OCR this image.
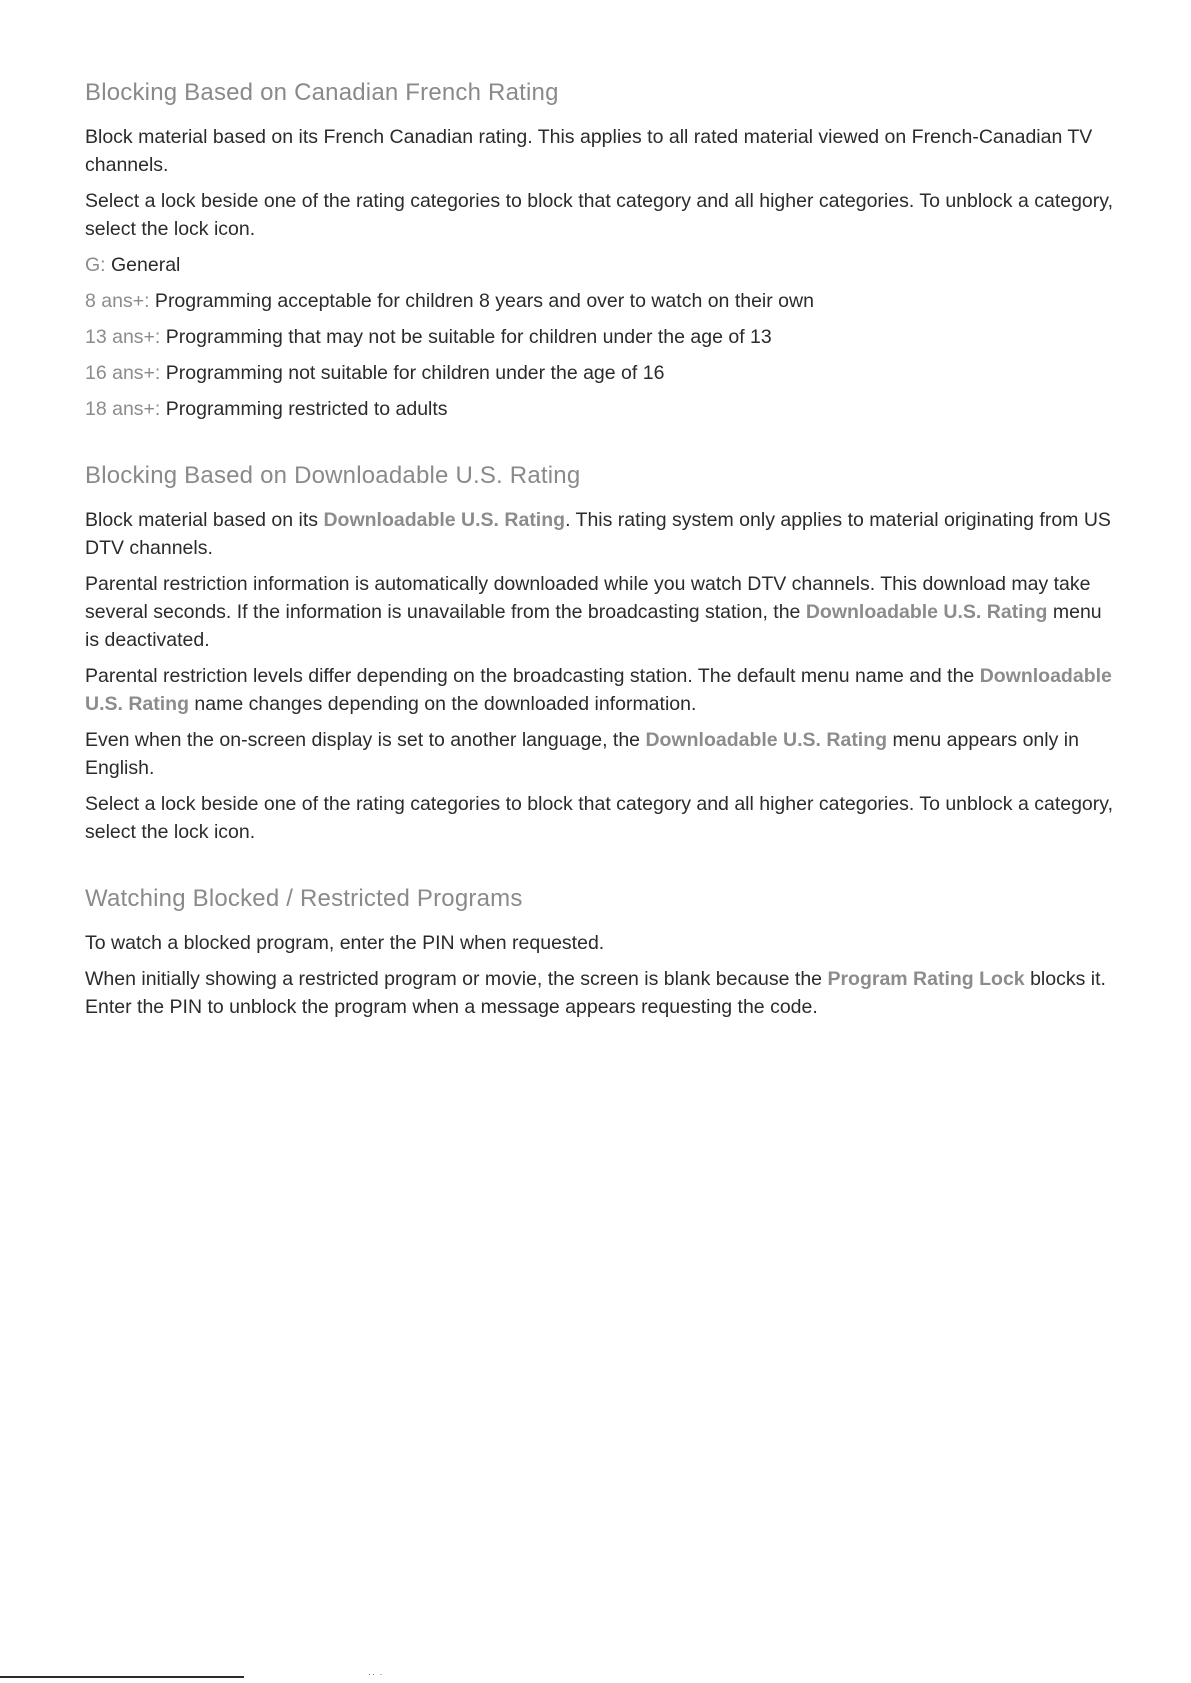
Blocking Based on Canadian French Rating

Block material based on its French Canadian rating. This applies to all rated material viewed on French-Canadian TV channels.

Select a lock beside one of the rating categories to block that category and all higher categories. To unblock a category, select the lock icon.

G: General

8 ans+: Programming acceptable for children 8 years and over to watch on their own

13 ans+: Programming that may not be suitable for children under the age of 13

16 ans+: Programming not suitable for children under the age of 16

18 ans+: Programming restricted to adults

Blocking Based on Downloadable U.S. Rating

Block material based on its Downloadable U.S. Rating. This rating system only applies to material originating from US DTV channels.

Parental restriction information is automatically downloaded while you watch DTV channels. This download may take several seconds. If the information is unavailable from the broadcasting station, the Downloadable U.S. Rating menu is deactivated.

Parental restriction levels differ depending on the broadcasting station. The default menu name and the Downloadable U.S. Rating name changes depending on the downloaded information.

Even when the on-screen display is set to another language, the Downloadable U.S. Rating menu appears only in English.

Select a lock beside one of the rating categories to block that category and all higher categories. To unblock a category, select the lock icon.

Watching Blocked / Restricted Programs

To watch a blocked program, enter the PIN when requested.

When initially showing a restricted program or movie, the screen is blank because the Program Rating Lock blocks it. Enter the PIN to unblock the program when a message appears requesting the code.

·· ·
